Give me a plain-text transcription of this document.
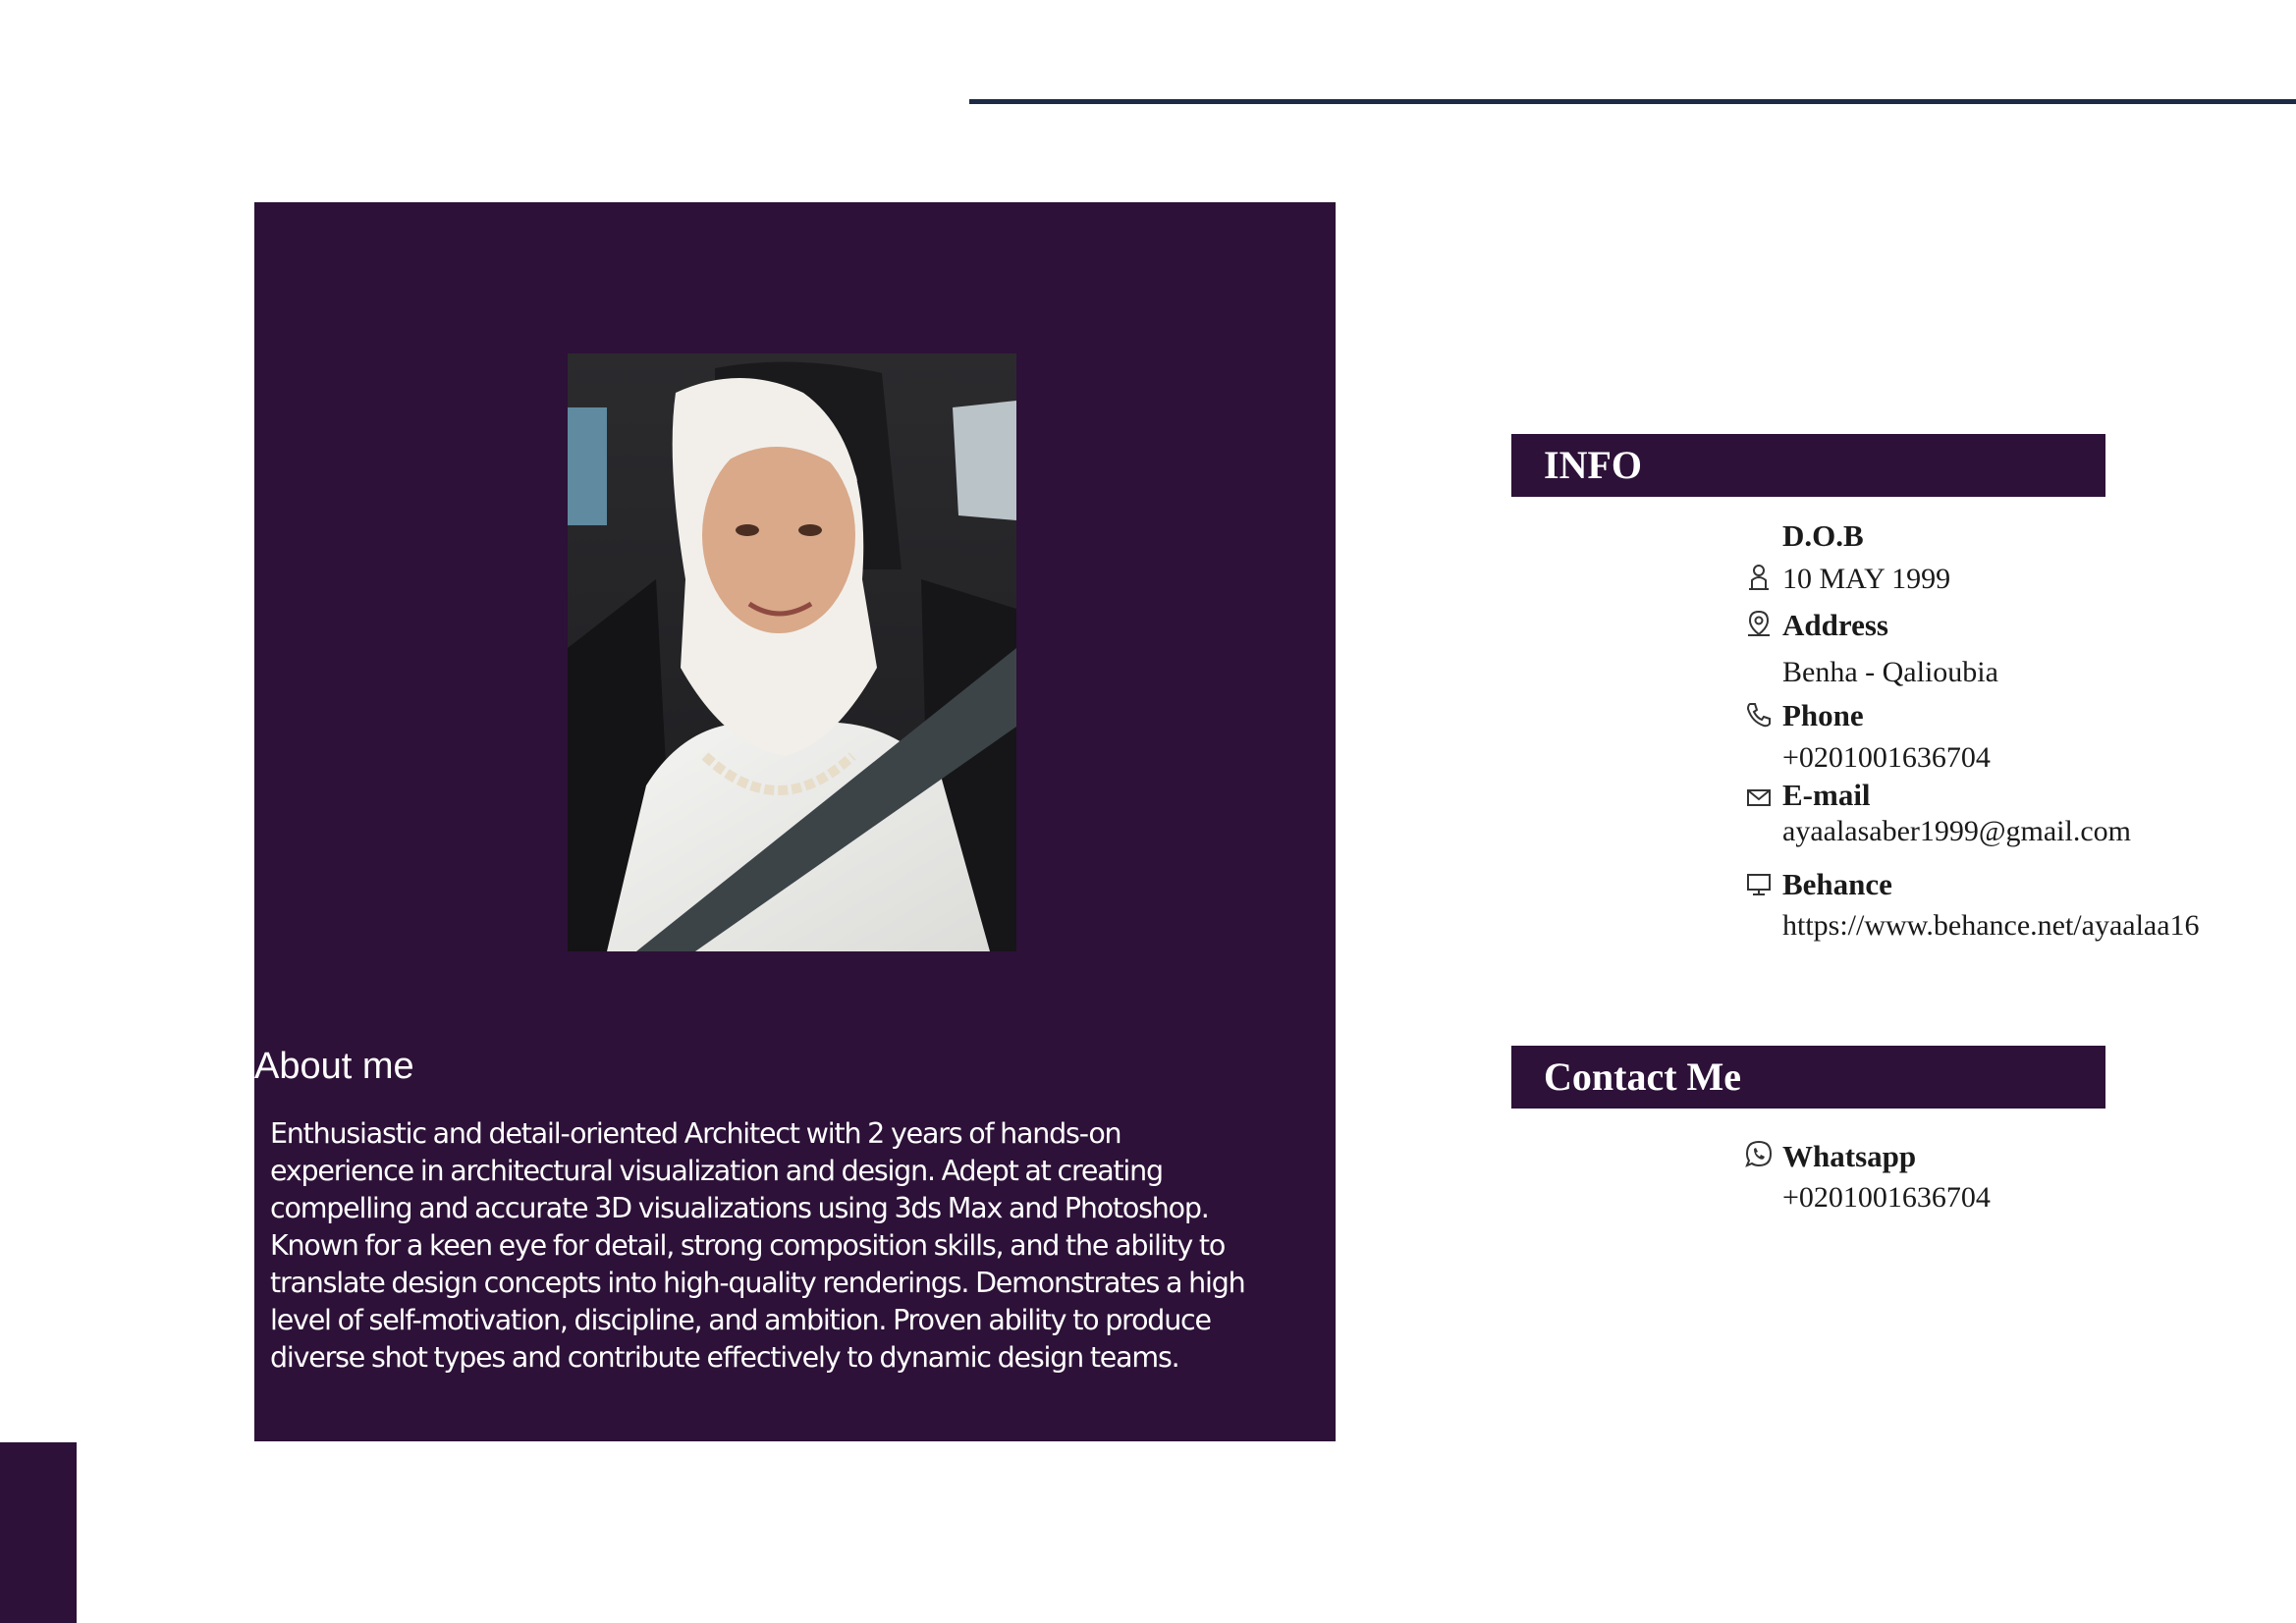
About me

Enthusiastic and detail-oriented Architect with 2 years of hands-on experience in architectural visualization and design. Adept at creating compelling and accurate 3D visualizations using 3ds Max and Photoshop. Known for a keen eye for detail, strong composition skills, and the ability to translate design concepts into high-quality renderings. Demonstrates a high level of self-motivation, discipline, and ambition. Proven ability to produce diverse shot types and contribute effectively to dynamic design teams.

INFO
D.O.B
10 MAY 1999
Address
Benha - Qalioubia
Phone
+0201001636704
E-mail
ayaalasaber1999@gmail.com
Behance
https://www.behance.net/ayaalaa16
Contact Me
Whatsapp
+0201001636704
